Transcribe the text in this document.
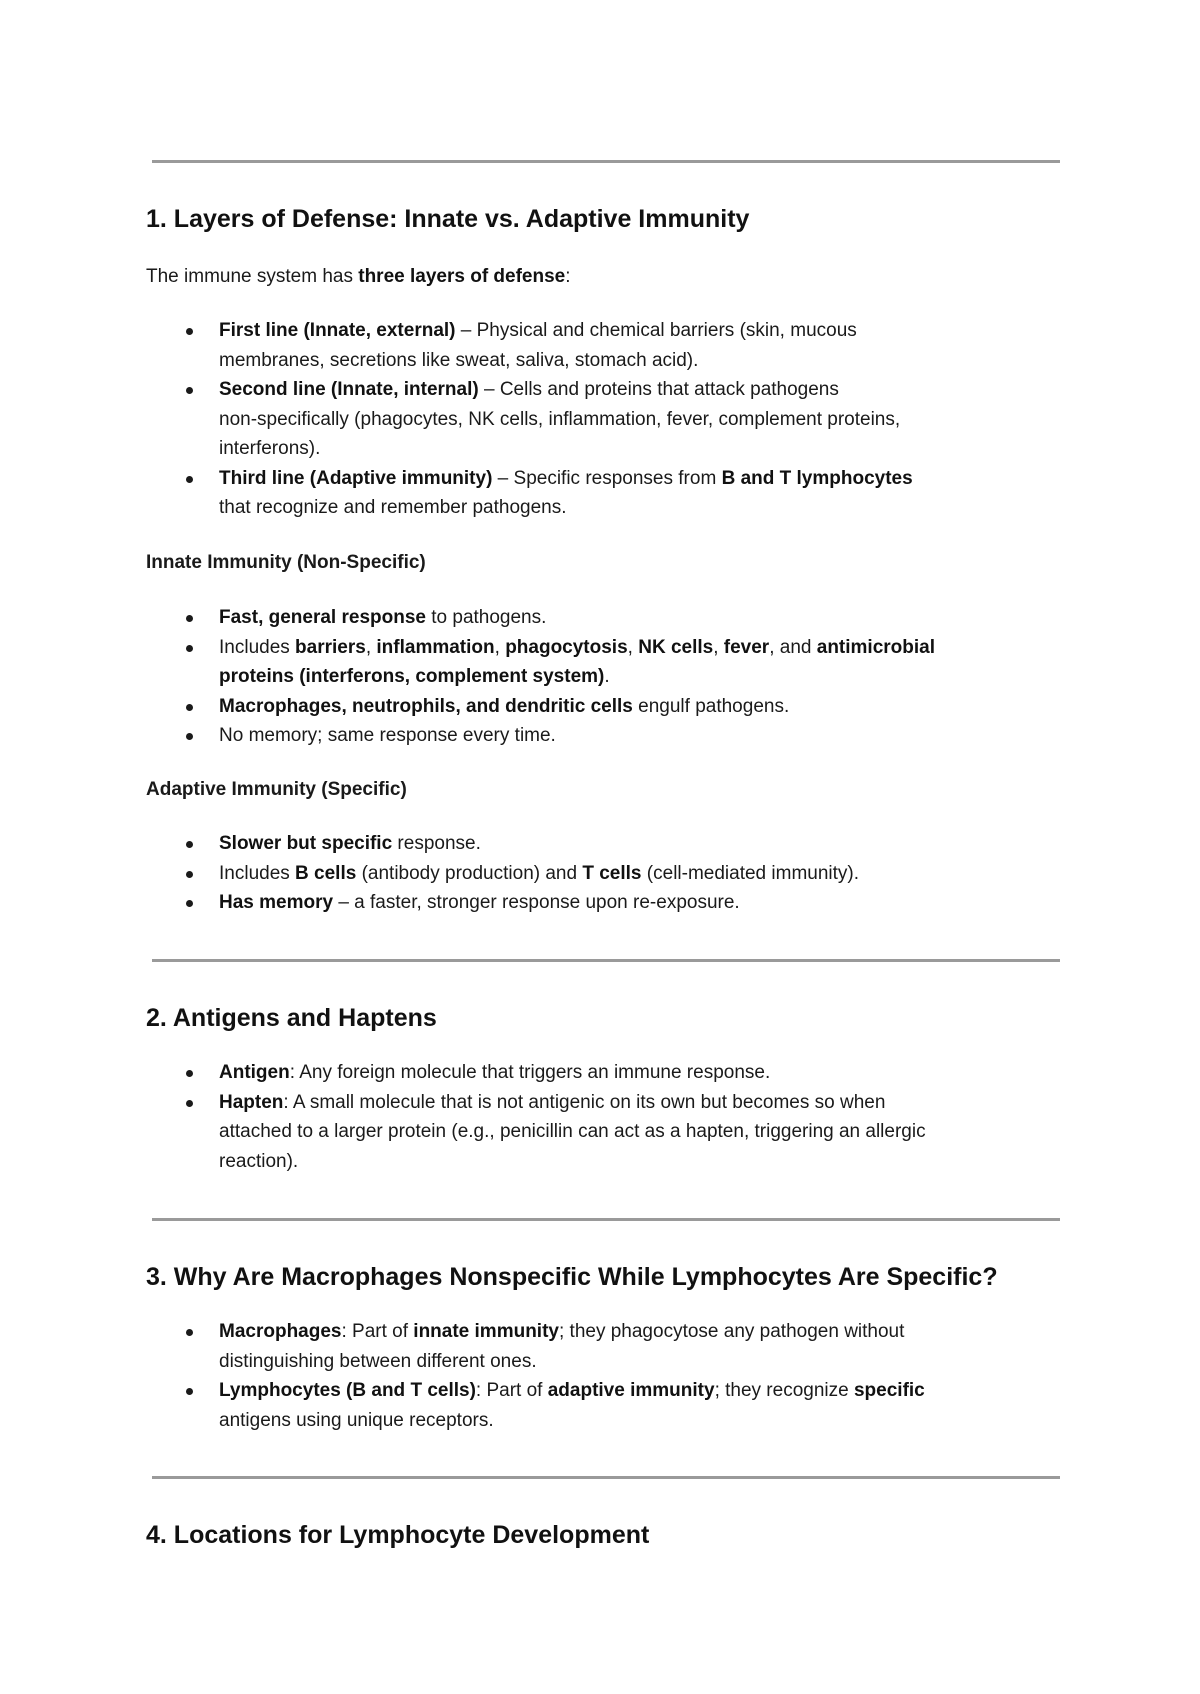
1. Layers of Defense: Innate vs. Adaptive Immunity

The immune system has three layers of defense:

First line (Innate, external) – Physical and chemical barriers (skin, mucous
membranes, secretions like sweat, saliva, stomach acid).
Second line (Innate, internal) – Cells and proteins that attack pathogens
non-specifically (phagocytes, NK cells, inflammation, fever, complement proteins,
interferons).
Third line (Adaptive immunity) – Specific responses from B and T lymphocytes
that recognize and remember pathogens.

Innate Immunity (Non-Specific)

Fast, general response to pathogens.
Includes barriers, inflammation, phagocytosis, NK cells, fever, and antimicrobial
proteins (interferons, complement system).
Macrophages, neutrophils, and dendritic cells engulf pathogens.
No memory; same response every time.

Adaptive Immunity (Specific)

Slower but specific response.
Includes B cells (antibody production) and T cells (cell-mediated immunity).
Has memory – a faster, stronger response upon re-exposure.
2. Antigens and Haptens
Antigen: Any foreign molecule that triggers an immune response.
Hapten: A small molecule that is not antigenic on its own but becomes so when
attached to a larger protein (e.g., penicillin can act as a hapten, triggering an allergic
reaction).
3. Why Are Macrophages Nonspecific While Lymphocytes Are Specific?
Macrophages: Part of innate immunity; they phagocytose any pathogen without
distinguishing between different ones.
Lymphocytes (B and T cells): Part of adaptive immunity; they recognize specific
antigens using unique receptors.
4. Locations for Lymphocyte Development
